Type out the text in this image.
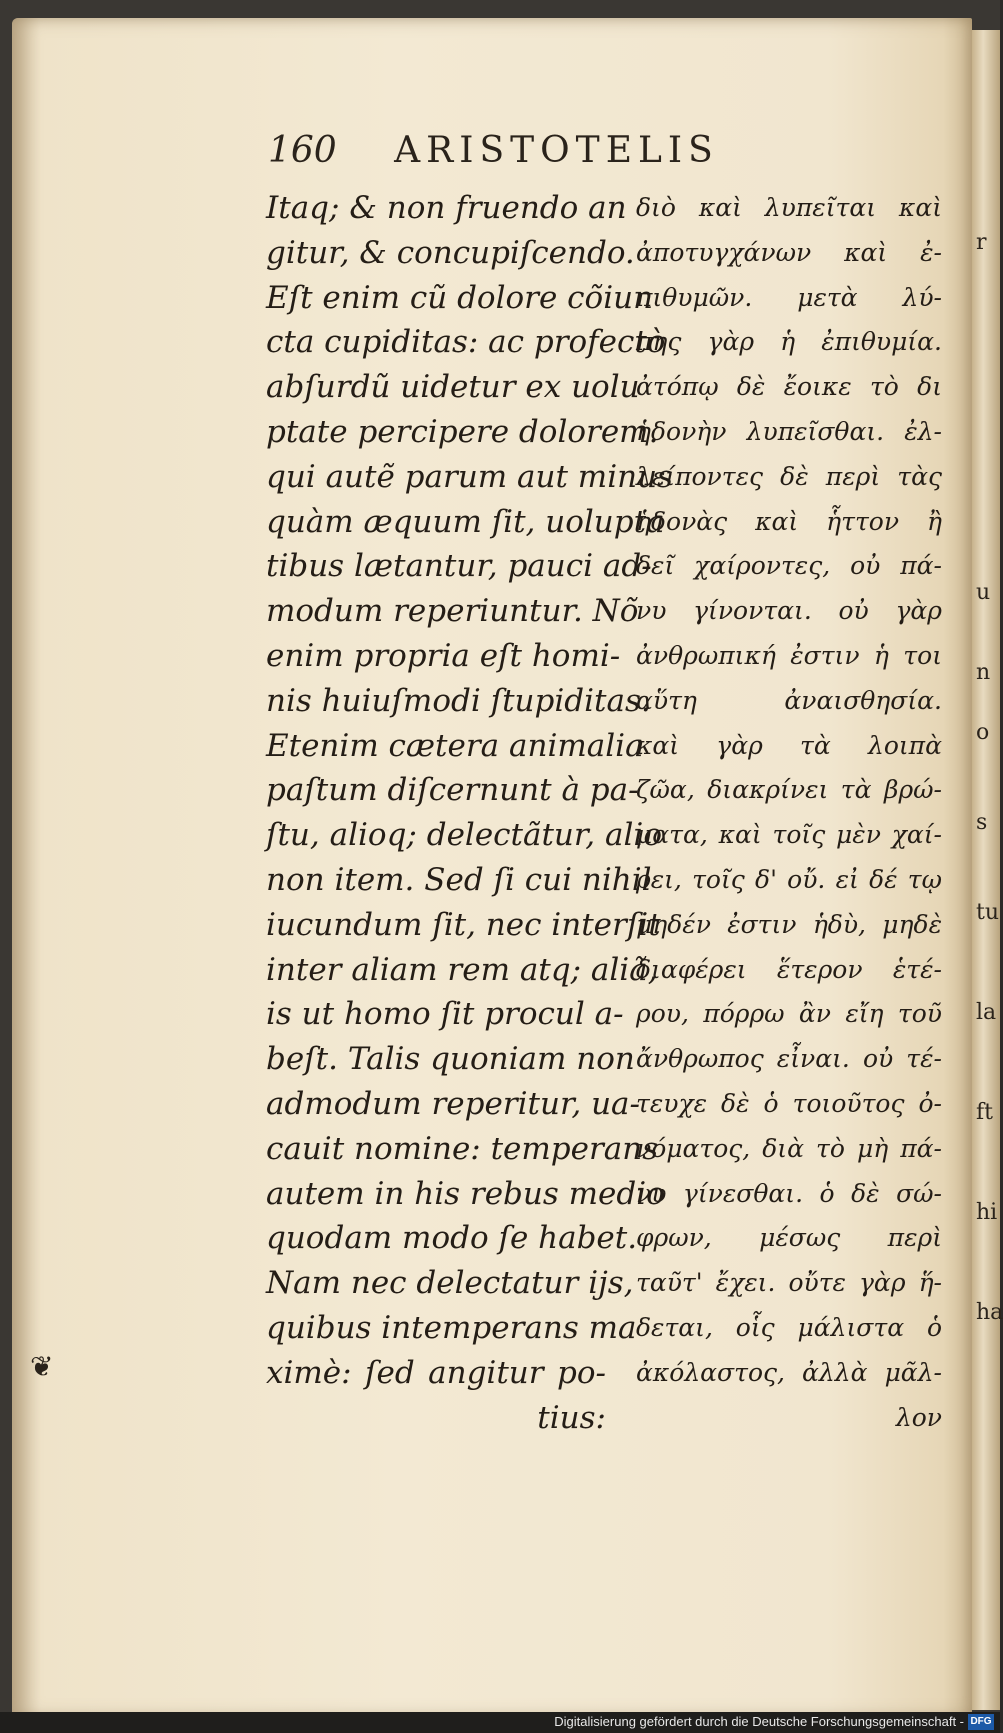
r
u
n
o
s
tu
la
ft
hi
ha
160 ARISTOTELIS
Itaq; & non fruendo an
gitur, & concupiſcendo.
Eſt enim cũ dolore cõiun
cta cupiditas: ac profectò
abſurdũ uidetur ex uolu
ptate percipere dolorem.
qui autẽ parum aut minus
quàm æquum ſit, uolupta
tibus lætantur, pauci ad-
modum reperiuntur. Nõ
enim propria eſt homi-
nis huiuſmodi ſtupiditas.
Etenim cætera animalia
paſtum diſcernunt à pa-
ſtu, alioq; delectãtur, alio
non item. Sed ſi cui nihil
iucundum ſit, nec interſit
inter aliam rem atq; aliã,
is ut homo ſit procul a-
beſt. Talis quoniam non
admodum reperitur, ua-
cauit nomine: temperans
autem in his rebus medio
quodam modo ſe habet.
Nam nec delectatur ijs,
quibus intemperans ma
ximè: ſed angitur po-
tius:
διὸ καὶ λυπεῖται καὶ
ἀποτυγχάνων καὶ ἐ-
πιθυμῶν. μετὰ λύ-
πης γὰρ ἡ ἐπιθυμία.
ἀτόπῳ δὲ ἔοικε τὸ δι
ἡδονὴν λυπεῖσθαι. ἐλ-
λείποντες δὲ περὶ τὰς
ἡδονὰς καὶ ἧττον ἢ
δεῖ χαίροντες, οὐ πά-
νυ γίνονται. οὐ γὰρ
ἀνθρωπική ἐστιν ἡ τοι
αὕτη ἀναισθησία.
καὶ γὰρ τὰ λοιπὰ
ζῶα, διακρίνει τὰ βρώ-
ματα, καὶ τοῖς μὲν χαί-
ρει, τοῖς δ' οὔ. εἰ δέ τῳ
μηδέν ἐστιν ἡδὺ, μηδὲ
διαφέρει ἕτερον ἑτέ-
ρου, πόρρω ἂν εἴη τοῦ
ἄνθρωπος εἶναι. οὐ τέ-
τευχε δὲ ὁ τοιοῦτος ὀ-
νόματος, διὰ τὸ μὴ πά-
νυ γίνεσθαι. ὁ δὲ σώ-
φρων, μέσως περὶ
ταῦτ' ἔχει. οὔτε γὰρ ἥ-
δεται, οἷς μάλιστα ὁ
ἀκόλαστος, ἀλλὰ μᾶλ-
λον
❦
Digitalisierung gefördert durch die Deutsche Forschungsgemeinschaft - DFG
